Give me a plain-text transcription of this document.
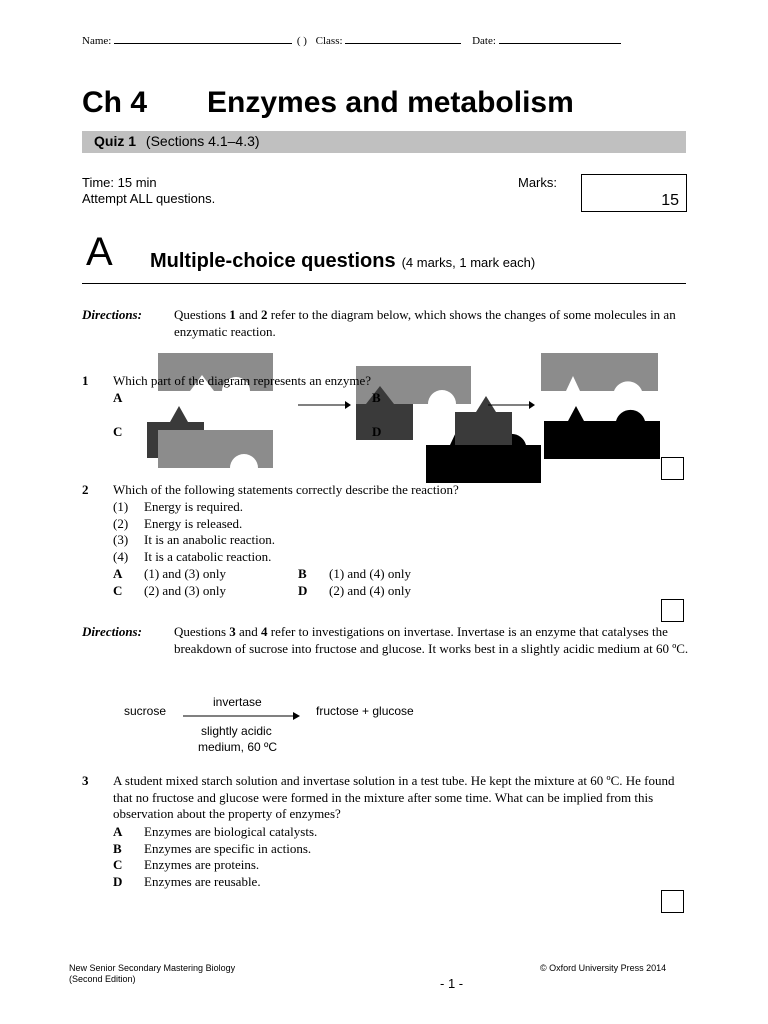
Name:	( ) Class:	Date:
Ch 4 Enzymes and metabolism
Quiz 1 (Sections 4.1–4.3)
Time: 15 min
Attempt ALL questions.
Marks:
15
A Multiple-choice questions (4 marks, 1 mark each)
Directions: Questions 1 and 2 refer to the diagram below, which shows the changes of some molecules in an enzymatic reaction.
1 Which part of the diagram represents an enzyme?
A	B
C	D
2 Which of the following statements correctly describe the reaction?
(1) Energy is required.
(2) Energy is released.
(3) It is an anabolic reaction.
(4) It is a catabolic reaction.
A (1) and (3) only	B (1) and (4) only
C (2) and (3) only	D (2) and (4) only
Directions: Questions 3 and 4 refer to investigations on invertase. Invertase is an enzyme that catalyses the breakdown of sucrose into fructose and glucose. It works best in a slightly acidic medium at 60 ºC.
sucrose
invertase
fructose + glucose
slightly acidic
medium, 60 ºC
3 A student mixed starch solution and invertase solution in a test tube. He kept the mixture at 60 ºC. He found that no fructose and glucose were formed in the mixture after some time. What can be implied from this observation about the property of enzymes?
A Enzymes are biological catalysts.
B Enzymes are specific in actions.
C Enzymes are proteins.
D Enzymes are reusable.
New Senior Secondary Mastering Biology
(Second Edition)
© Oxford University Press 2014
- 1 -
